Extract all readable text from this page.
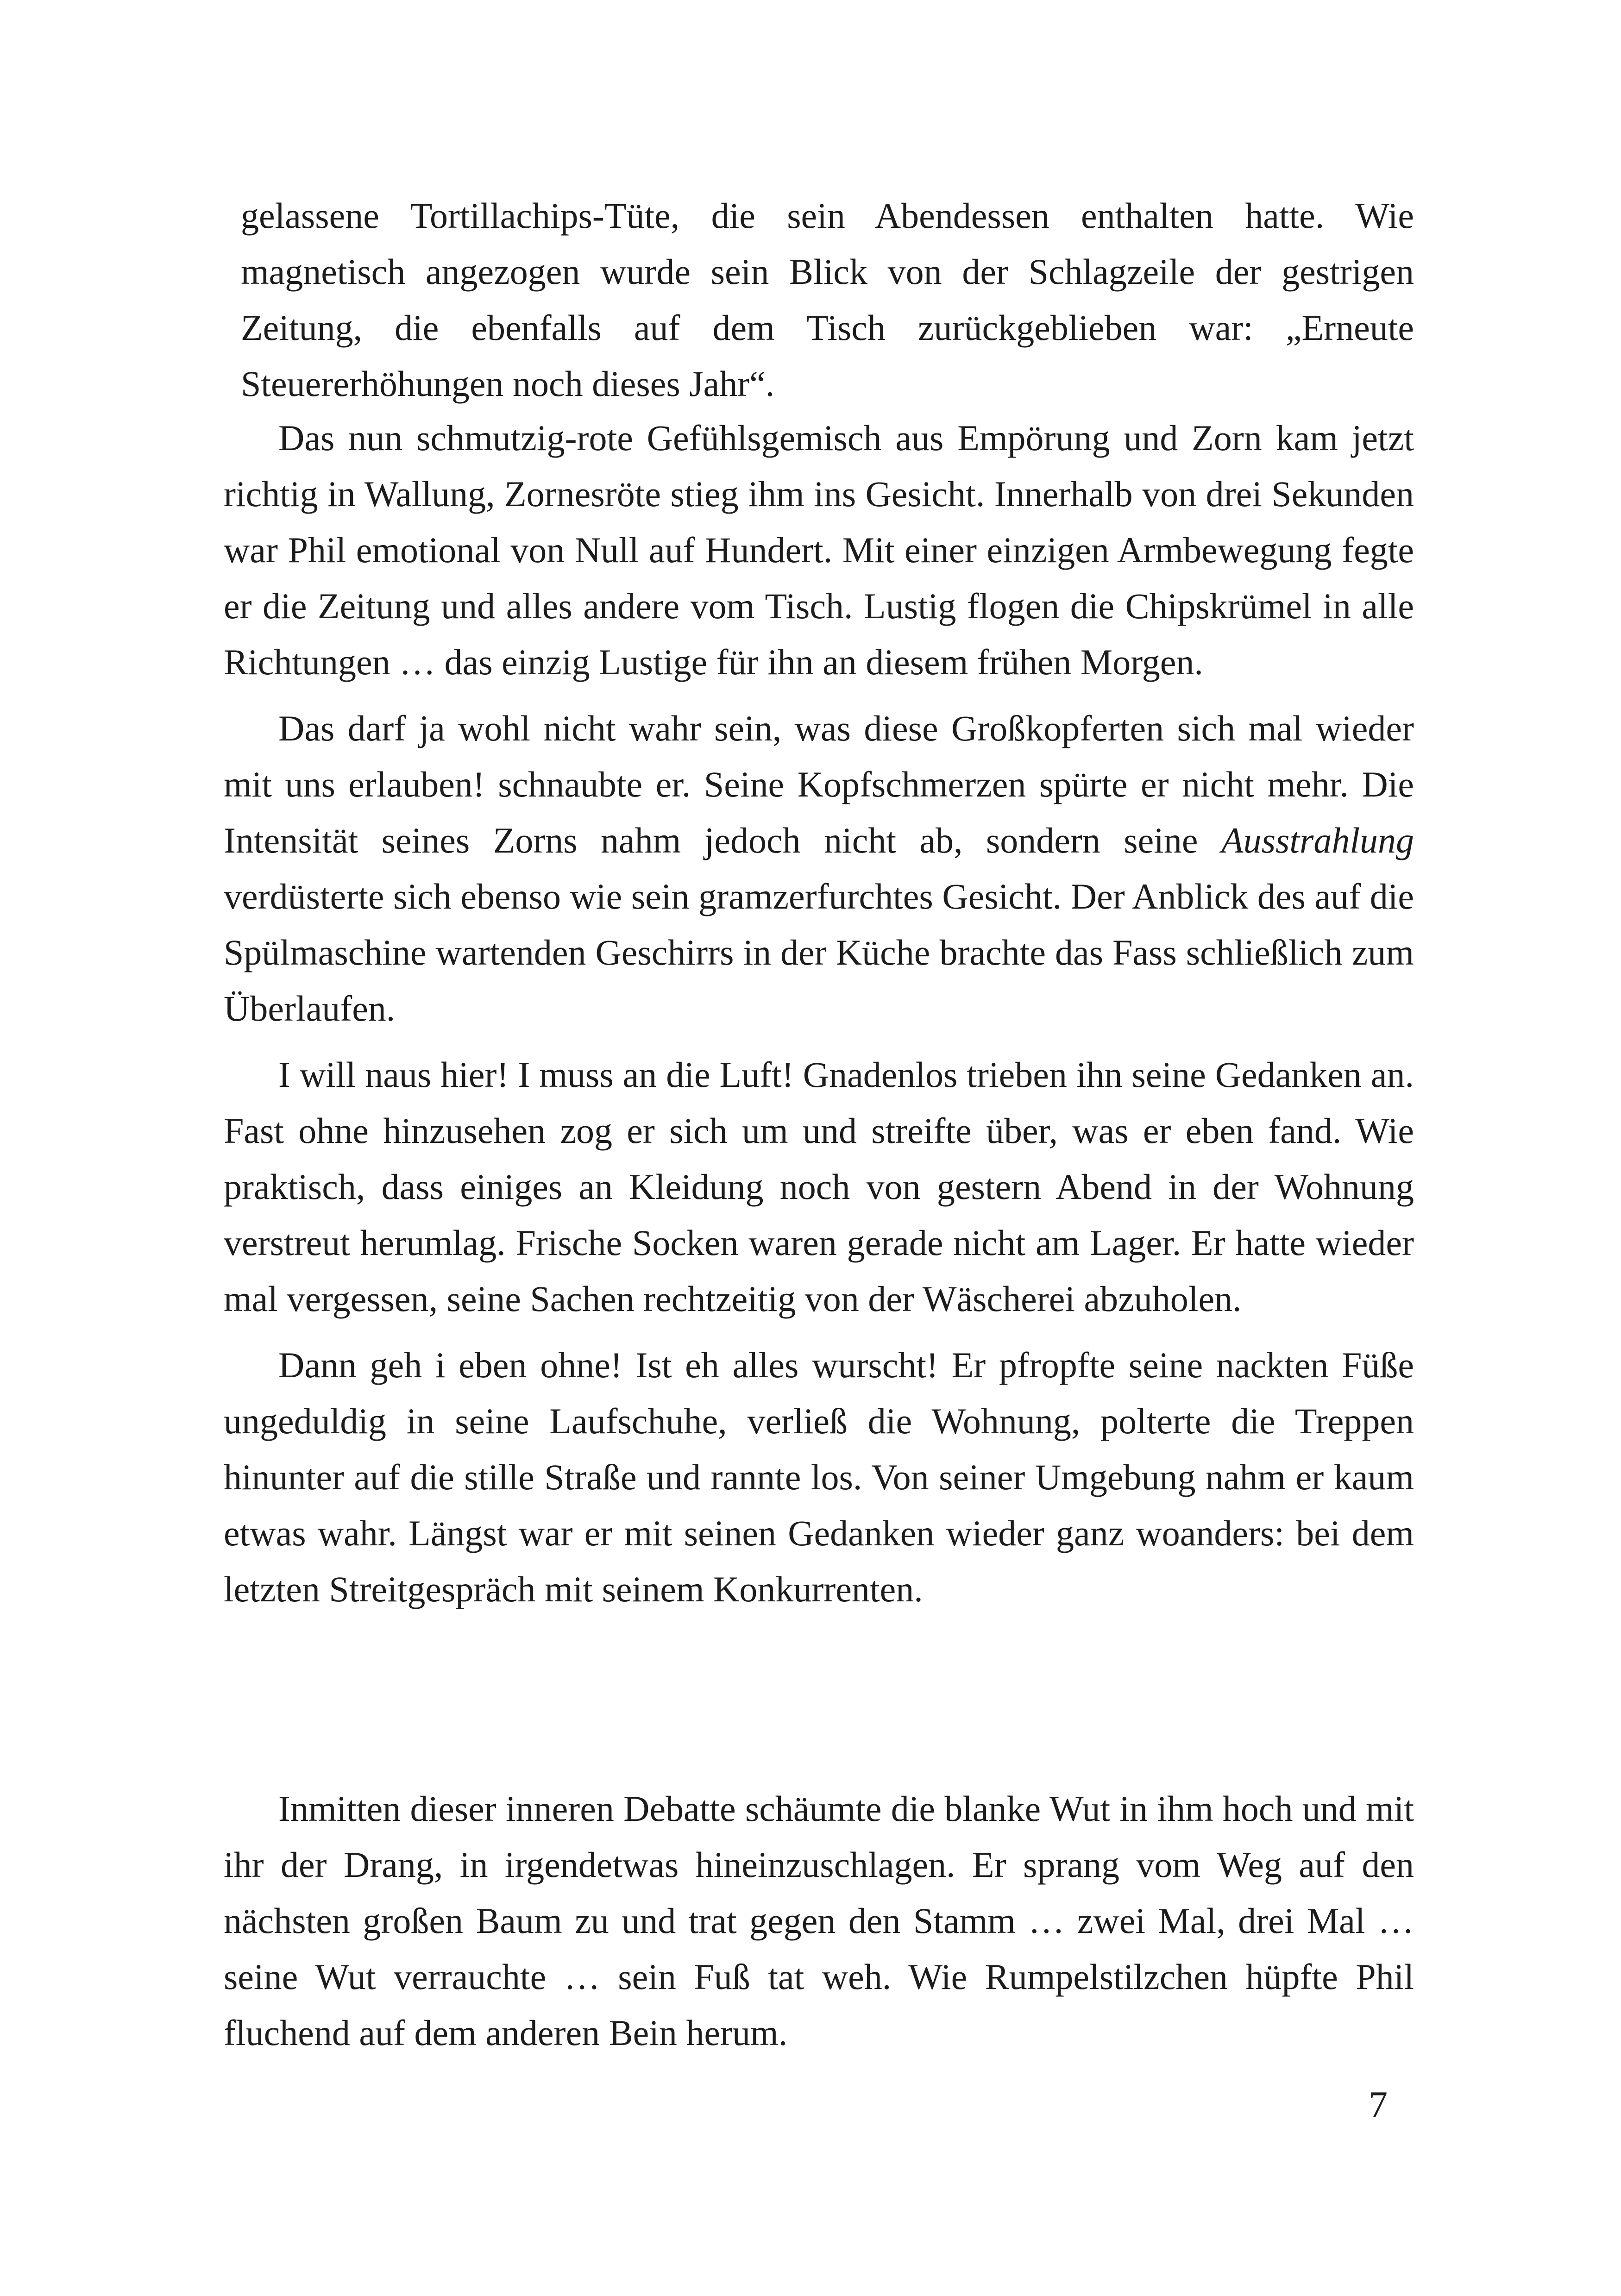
gelassene Tortillachips-Tüte, die sein Abendessen enthalten hatte. Wie magnetisch angezogen wurde sein Blick von der Schlagzeile der gestrigen Zeitung, die ebenfalls auf dem Tisch zurückgeblieben war: „Erneute Steuererhöhungen noch dieses Jahr“.

Das nun schmutzig-rote Gefühlsgemisch aus Empörung und Zorn kam jetzt richtig in Wallung, Zornesröte stieg ihm ins Gesicht. Innerhalb von drei Sekunden war Phil emotional von Null auf Hundert. Mit einer einzigen Armbewegung fegte er die Zeitung und alles andere vom Tisch. Lustig flogen die Chipskrümel in alle Richtungen … das einzig Lustige für ihn an diesem frühen Morgen.

Das darf ja wohl nicht wahr sein, was diese Großkopferten sich mal wieder mit uns erlauben! schnaubte er. Seine Kopfschmerzen spürte er nicht mehr. Die Intensität seines Zorns nahm jedoch nicht ab, sondern seine Ausstrahlung verdüsterte sich ebenso wie sein gramzerfurchtes Gesicht. Der Anblick des auf die Spülmaschine wartenden Geschirrs in der Küche brachte das Fass schließlich zum Überlaufen.

I will naus hier! I muss an die Luft! Gnadenlos trieben ihn seine Gedanken an. Fast ohne hinzusehen zog er sich um und streifte über, was er eben fand. Wie praktisch, dass einiges an Kleidung noch von gestern Abend in der Wohnung verstreut herumlag. Frische Socken waren gerade nicht am Lager. Er hatte wieder mal vergessen, seine Sachen rechtzeitig von der Wäscherei abzuholen.

Dann geh i eben ohne! Ist eh alles wurscht! Er pfropfte seine nackten Füße ungeduldig in seine Laufschuhe, verließ die Wohnung, polterte die Treppen hinunter auf die stille Straße und rannte los. Von seiner Umgebung nahm er kaum etwas wahr. Längst war er mit seinen Gedanken wieder ganz woanders: bei dem letzten Streitgespräch mit seinem Konkurrenten.

Inmitten dieser inneren Debatte schäumte die blanke Wut in ihm hoch und mit ihr der Drang, in irgendetwas hineinzuschlagen. Er sprang vom Weg auf den nächsten großen Baum zu und trat gegen den Stamm … zwei Mal, drei Mal … seine Wut verrauchte … sein Fuß tat weh. Wie Rumpelstilzchen hüpfte Phil fluchend auf dem anderen Bein herum.

7
